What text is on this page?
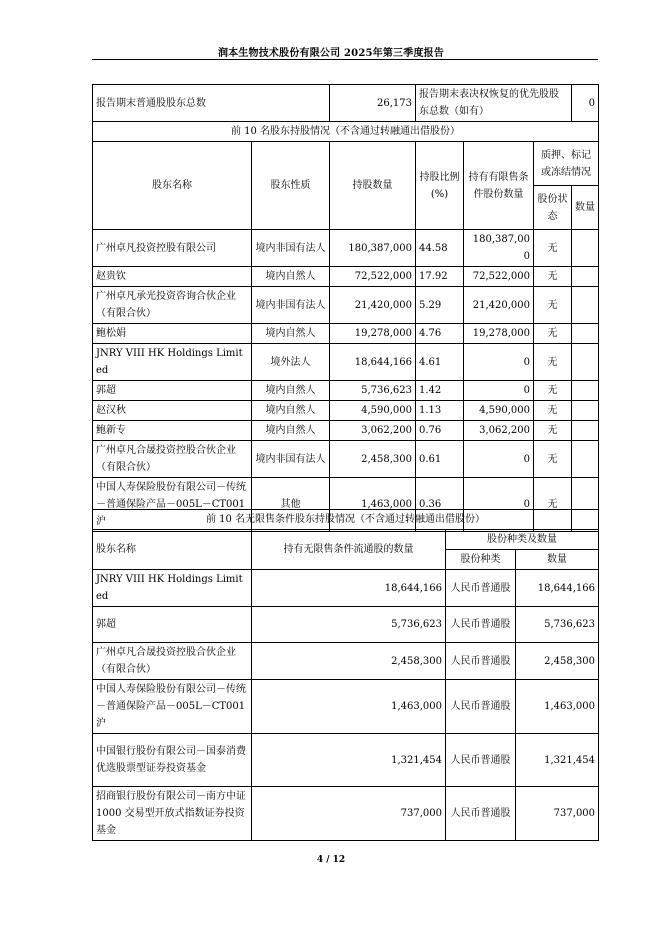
润本生物技术股份有限公司 2025年第三季度报告
报告期末普通股股东总数		26,173	报告期末表决权恢复的优先股股东总数（如有）			0
前 10 名股东持股情况（不含通过转融通出借股份）						
股东名称	股东性质	持股数量	持股比例(%)	持有有限售条件股份数量	质押、标记或冻结情况	
					股份状态	数量
广州卓凡投资控股有限公司	境内非国有法人	180,387,000	44.58	180,387,000	无	
赵贵钦	境内自然人	72,522,000	17.92	72,522,000	无	
广州卓凡承光投资咨询合伙企业（有限合伙）	境内非国有法人	21,420,000	5.29	21,420,000	无	
鲍松娟	境内自然人	19,278,000	4.76	19,278,000	无	
JNRY VIII HK Holdings Limited	境外法人	18,644,166	4.61	0	无	
郭超	境内自然人	5,736,623	1.42	0	无	
赵汉秋	境内自然人	4,590,000	1.13	4,590,000	无	
鲍新专	境内自然人	3,062,200	0.76	3,062,200	无	
广州卓凡合晟投资控股合伙企业（有限合伙）	境内非国有法人	2,458,300	0.61	0	无	
中国人寿保险股份有限公司－传统－普通保险产品－005L－CT001 沪	其他	1,463,000	0.36	0	无	
前 10 名无限售条件股东持股情况（不含通过转融通出借股份）			
股东名称	持有无限售条件流通股的数量	股份种类及数量	
		股份种类	数量
JNRY VIII HK Holdings Limited	18,644,166	人民币普通股	18,644,166
郭超	5,736,623	人民币普通股	5,736,623
广州卓凡合晟投资控股合伙企业（有限合伙）	2,458,300	人民币普通股	2,458,300
中国人寿保险股份有限公司－传统－普通保险产品－005L－CT001 沪	1,463,000	人民币普通股	1,463,000
中国银行股份有限公司－国泰消费优选股票型证券投资基金	1,321,454	人民币普通股	1,321,454
招商银行股份有限公司－南方中证 1000 交易型开放式指数证券投资基金	737,000	人民币普通股	737,000
4 / 12
